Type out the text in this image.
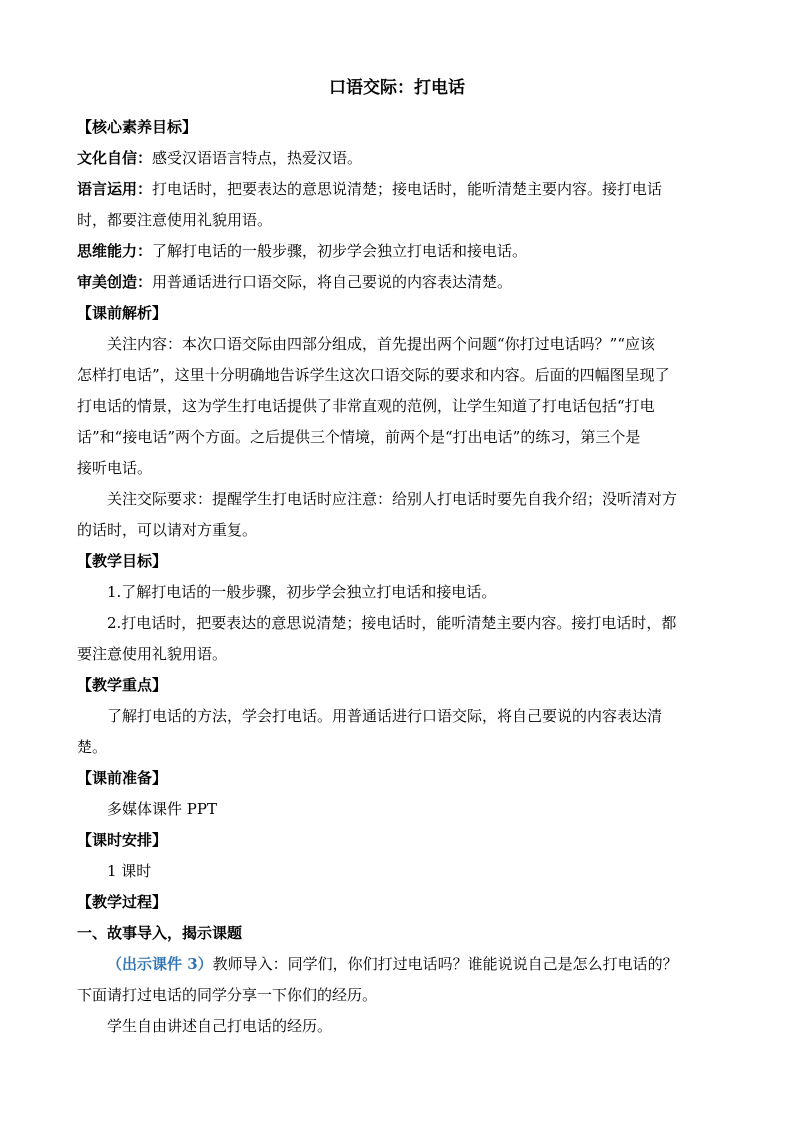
口语交际：打电话
【核心素养目标】
文化自信：感受汉语语言特点，热爱汉语。
语言运用：打电话时，把要表达的意思说清楚；接电话时，能听清楚主要内容。接打电话
时，都要注意使用礼貌用语。
思维能力：了解打电话的一般步骤，初步学会独立打电话和接电话。
审美创造：用普通话进行口语交际，将自己要说的内容表达清楚。
【课前解析】
关注内容：本次口语交际由四部分组成，首先提出两个问题“你打过电话吗？”“应该
怎样打电话”，这里十分明确地告诉学生这次口语交际的要求和内容。后面的四幅图呈现了
打电话的情景，这为学生打电话提供了非常直观的范例，让学生知道了打电话包括“打电
话”和“接电话”两个方面。之后提供三个情境，前两个是“打出电话”的练习，第三个是
接听电话。
关注交际要求：提醒学生打电话时应注意：给别人打电话时要先自我介绍；没听清对方
的话时，可以请对方重复。
【教学目标】
1.了解打电话的一般步骤，初步学会独立打电话和接电话。
2.打电话时，把要表达的意思说清楚；接电话时，能听清楚主要内容。接打电话时，都
要注意使用礼貌用语。
【教学重点】
了解打电话的方法，学会打电话。用普通话进行口语交际，将自己要说的内容表达清
楚。
【课前准备】
多媒体课件 PPT
【课时安排】
1 课时
【教学过程】
一、故事导入，揭示课题
（出示课件 3）教师导入：同学们，你们打过电话吗？谁能说说自己是怎么打电话的？
下面请打过电话的同学分享一下你们的经历。
学生自由讲述自己打电话的经历。
